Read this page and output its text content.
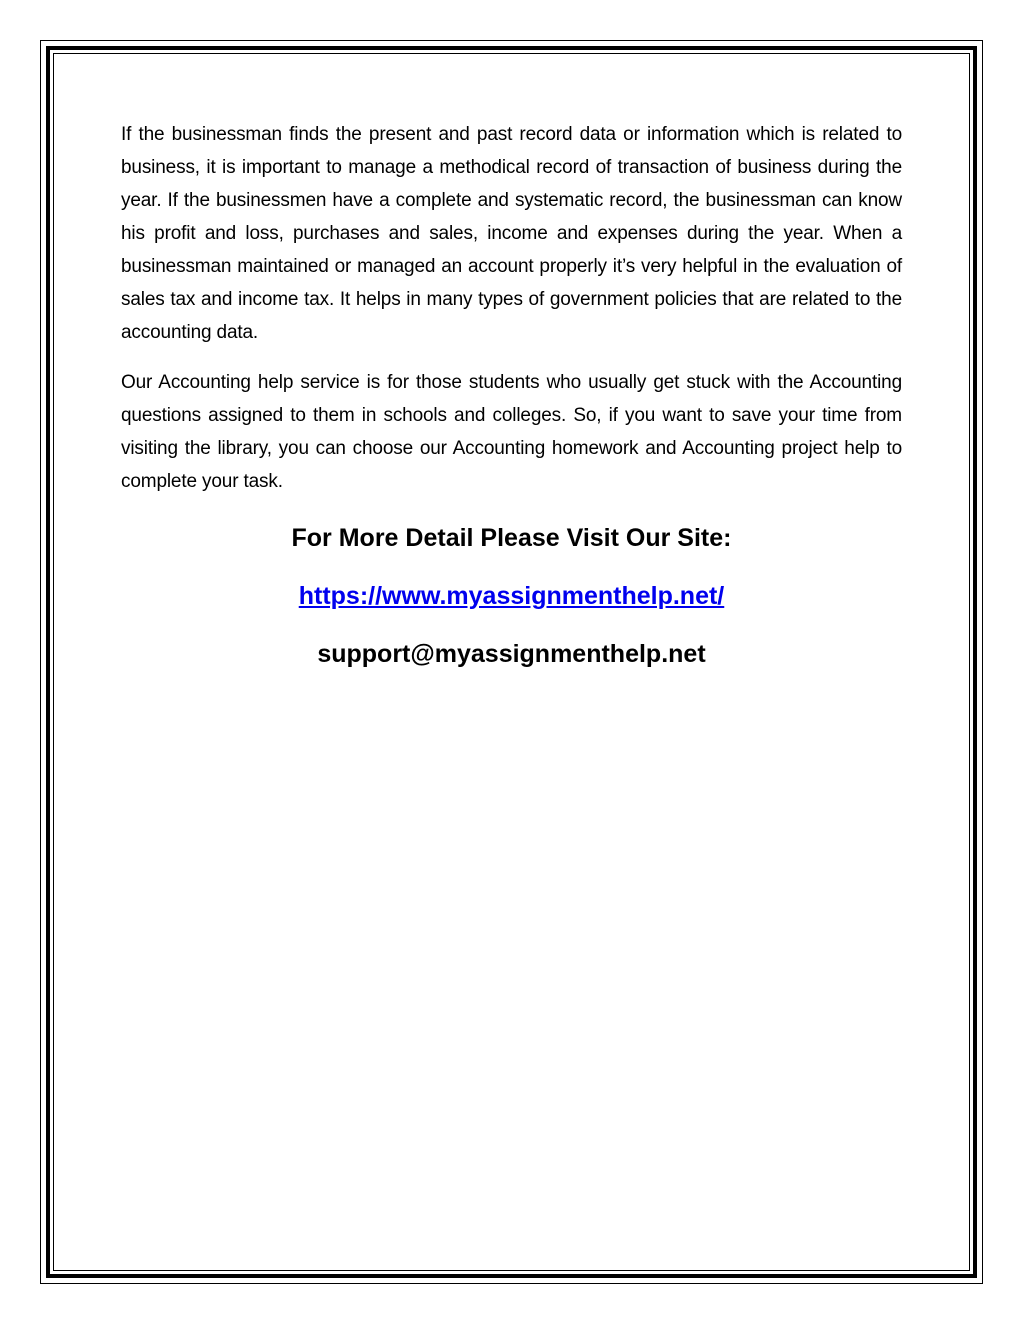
If the businessman finds the present and past record data or information which is related to business, it is important to manage a methodical record of transaction of business during the year. If the businessmen have a complete and systematic record, the businessman can know his profit and loss, purchases and sales, income and expenses during the year. When a businessman maintained or managed an account properly it’s very helpful in the evaluation of sales tax and income tax. It helps in many types of government policies that are related to the accounting data.

Our Accounting help service is for those students who usually get stuck with the Accounting questions assigned to them in schools and colleges. So, if you want to save your time from visiting the library, you can choose our Accounting homework and Accounting project help to complete your task.

For More Detail Please Visit Our Site:

https://www.myassignmenthelp.net/

support@myassignmenthelp.net
